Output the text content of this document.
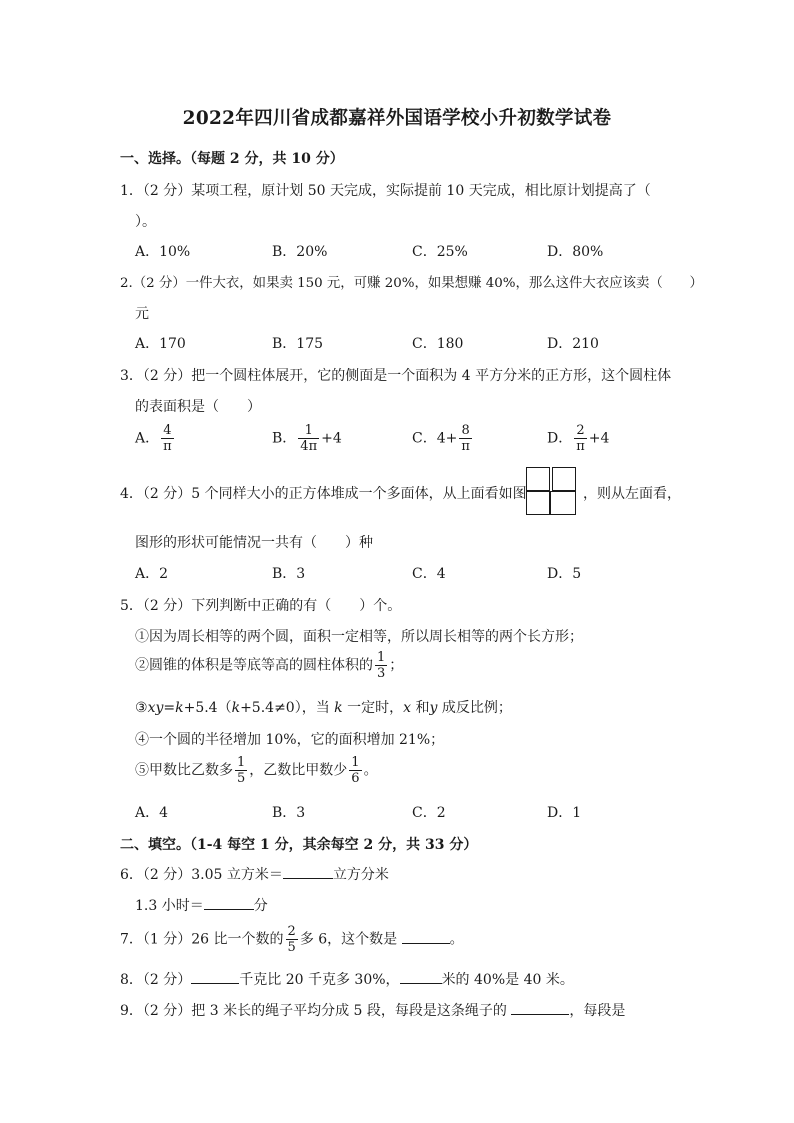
2022年四川省成都嘉祥外国语学校小升初数学试卷
一、选择。（每题 2 分，共 10 分）
1．（2 分）某项工程，原计划 50 天完成，实际提前 10 天完成，相比原计划提高了（
）。
A．10%	B．20%	C．25%	D．80%
2.（2 分）一件大衣，如果卖 150 元，可赚 20%，如果想赚 40%，那么这件大衣应该卖（　　）
元
A．170	B．175	C．180	D．210
3．（2 分）把一个圆柱体展开，它的侧面是一个面积为 4 平方分米的正方形，这个圆柱体
的表面积是（　　）
A． $\frac{4}{\pi}$	B． $\frac{1}{4\pi} +4$	C．$4+ \frac{8}{\pi}$	D． $\frac{2}{\pi} +4$
4．（2 分）5 个同样大小的正方体堆成一个多面体，从上面看如图	，则从左面看，
图形的形状可能情况一共有（　　）种
A．2	B．3	C．4	D．5
5．（2 分）下列判断中正确的有（　　）个。
①因为周长相等的两个圆，面积一定相等，所以周长相等的两个长方形；
②圆锥的体积是等底等高的圆柱体积的 $\frac{1}{3}$ ；
③xy=k+5.4（k+5.4≠0），当 k 一定时，x 和y 成反比例；
④一个圆的半径增加 10%，它的面积增加 21%；
⑤甲数比乙数多 $\frac{1}{5}$ ，乙数比甲数少 $\frac{1}{6}$ 。
A．4	B．3	C．2	D．1
二、填空。（1-4 每空 1 分，其余每空 2 分，共 33 分）
6．（2 分）3.05 立方米＝	立方分米
1.3 小时＝	分
7．（1 分）26 比一个数的 $\frac{2}{5}$ 多 6，这个数是	。
8．（2 分）	千克比 20 千克多 30%，	米的 40%是 40 米。
9．（2 分）把 3 米长的绳子平均分成 5 段，每段是这条绳子的	，每段是
